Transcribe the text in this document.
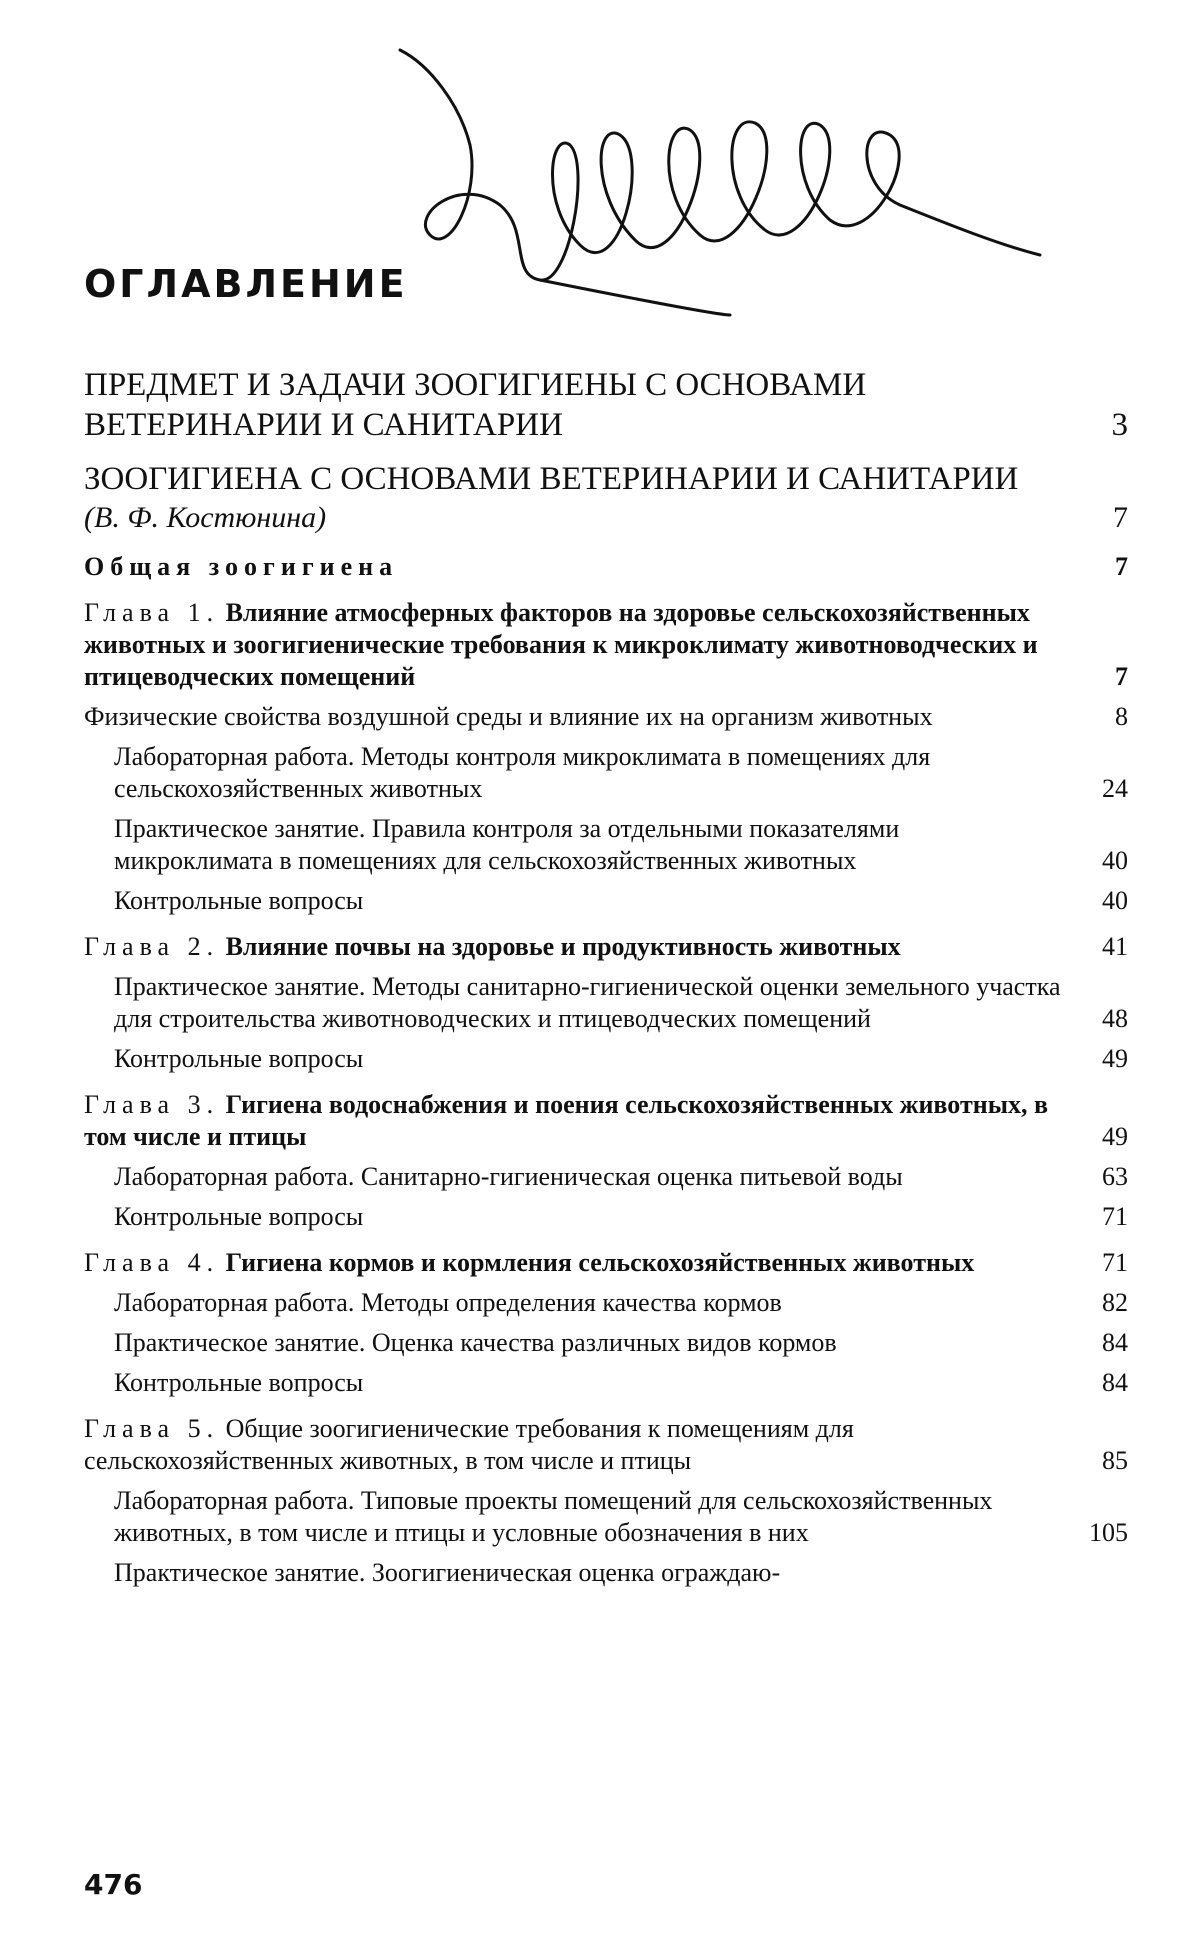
ОГЛАВЛЕНИЕ
ПРЕДМЕТ И ЗАДАЧИ ЗООГИГИЕНЫ С ОСНОВАМИ ВЕТЕРИНАРИИ И САНИТАРИИ	3
ЗООГИГИЕНА С ОСНОВАМИ ВЕТЕРИНАРИИ И САНИТАРИИ
(В. Ф. Костюнина)	7
Общая зоогигиена	7
Глава 1. Влияние атмосферных факторов на здоровье сельскохозяйственных животных и зоогигиенические требования к микроклимату животноводческих и птицеводческих помещений	7
Физические свойства воздушной среды и влияние их на организм животных	8
Лабораторная работа. Методы контроля микроклимата в помещениях для сельскохозяйственных животных	24
Практическое занятие. Правила контроля за отдельными показателями микроклимата в помещениях для сельскохозяйственных животных	40
Контрольные вопросы	40
Глава 2. Влияние почвы на здоровье и продуктивность животных	41
Практическое занятие. Методы санитарно-гигиенической оценки земельного участка для строительства животноводческих и птицеводческих помещений	48
Контрольные вопросы	49
Глава 3. Гигиена водоснабжения и поения сельскохозяйственных животных, в том числе и птицы	49
Лабораторная работа. Санитарно-гигиеническая оценка питьевой воды	63
Контрольные вопросы	71
Глава 4. Гигиена кормов и кормления сельскохозяйственных животных	71
Лабораторная работа. Методы определения качества кормов	82
Практическое занятие. Оценка качества различных видов кормов	84
Контрольные вопросы	84
Глава 5. Общие зоогигиенические требования к помещениям для сельскохозяйственных животных, в том числе и птицы	85
Лабораторная работа. Типовые проекты помещений для сельскохозяйственных животных, в том числе и птицы и условные обозначения в них	105
Практическое занятие. Зоогигиеническая оценка ограждаю-

476
